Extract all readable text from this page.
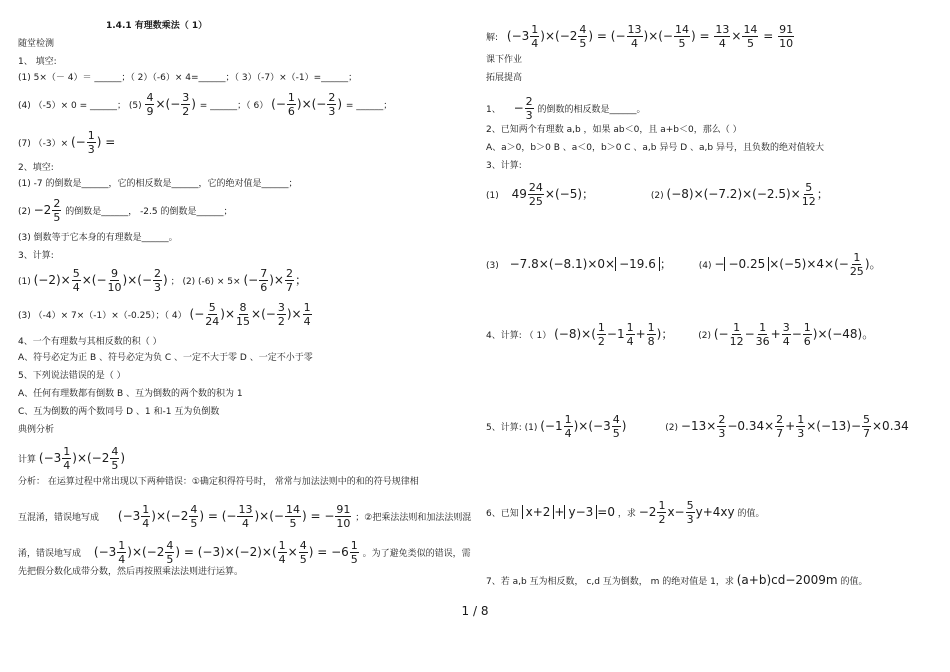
1.4.1 有理数乘法（ 1）
随堂检测
1、 填空:
(1) 5×（－ 4）＝ ______；（ 2）（-6）× 4=______；（ 3）（-7）×（-1）=______；
(4) （-5）× 0 = ______； $(5) \frac{4}{9}$ ×(− $\frac{3}{2}$ ) = ______；（ 6） (− $\frac{1}{6}$ )×(− $\frac{2}{3}$ ) = ______；
(7) （-3）× (− $\frac{1}{3}$ ) =
2、填空:
(1) -7 的倒数是______，它的相反数是______，它的绝对值是______；
$(2) -2 \frac{2}{5}$ 的倒数是______， -2.5 的倒数是______；
(3) 倒数等于它本身的有理数是______。
3、计算:
(1) $(-2)\times \frac{5}{4}$ ×(− $\frac{9}{10}$ )×(− $\frac{2}{3}$ ) ； (2) (-6) × 5× (− $\frac{7}{6}$ )× $\frac{2}{7}$ ；
(3) （-4）× 7×（-1）×（-0.25）；（ 4） (− $\frac{5}{24}$ )× $\frac{8}{15}$ ×(− $\frac{3}{2}$ )× $\frac{1}{4}$
4、一个有理数与其相反数的积（ ）
A、符号必定为正 B 、符号必定为负 C 、一定不大于零 D 、一定不小于零
5、下列说法错误的是（ ）
A、任何有理数都有倒数 B 、互为倒数的两个数的积为 1
C、互为倒数的两个数同号 D 、1 和-1 互为负倒数
典例分析
计算 $(-3 \frac{1}{4} )\times(-2 \frac{4}{5}$ )
分析： 在运算过程中常出现以下两种错误：①确定积得符号时， 常常与加法法则中的和的符号规律相
互混淆，错误地写成 $(-3 \frac{1}{4} )\times(-2 \frac{4}{5}$ ) = (− $\frac{13}{4}$ )×(− $\frac{14}{5}$ ) = − $\frac{91}{10}$ ；②把乘法法则和加法法则混
淆，错误地写成 $(-3 \frac{1}{4} )\times(-2 \frac{4}{5}$ ) = $(-3)\times(-2)\times( \frac{1}{4} \times \frac{4}{5}$ ) = $-6 \frac{1}{5}$ 。为了避免类似的错误，需
先把假分数化成带分数，然后再按照乘法法则进行运算。
解: $(-3 \frac{1}{4} )\times(-2 \frac{4}{5}$ ) = (− $\frac{13}{4}$ )×(− $\frac{14}{5}$ ) = $\frac{13}{4} \times \frac{14}{5} = \frac{91}{10}$
课下作业
拓展提高
1、 − $\frac{2}{3}$ 的倒数的相反数是______。
2、已知两个有理数 a,b ，如果 ab＜0，且 a+b＜0，那么（ ）
A、a＞0，b＞0 B 、a＜0，b＞0 C 、a,b 异号 D 、a,b 异号，且负数的绝对值较大
3、计算:
(1) $49 \frac{24}{25} \times(-5)$；	(2) $(-8)\times(-7.2)\times(-2.5)\times \frac{5}{12}$ ；
(3) −7.8×(−8.1)×0× −19.6 ；	$(4) - -0.25 \times(-5)\times 4\times(- \frac{1}{25}$ )。
4、计算: （ 1） $(-8)\times( \frac{1}{2} -1 \frac{1}{4} + \frac{1}{8}$ )；	(2) (− $\frac{1}{12} - \frac{1}{36} + \frac{3}{4} - \frac{1}{6} )\times(-48)$。
5、计算: (1) $(-1 \frac{1}{4} )\times(-3 \frac{4}{5}$ )	$(2) -13\times \frac{2}{3} -0.34\times \frac{2}{7} + \frac{1}{3} \times(-13)- \frac{5}{7} \times 0.34$
6、已知 x+2 + y−3 =0 ，求 $-2 \frac{1}{2} x- \frac{5}{3} y+4xy$ 的值。
7、若 a,b 互为相反数， c,d 互为倒数， m 的绝对值是 1，求 (a+b)cd−2009m 的值。
1 / 8
